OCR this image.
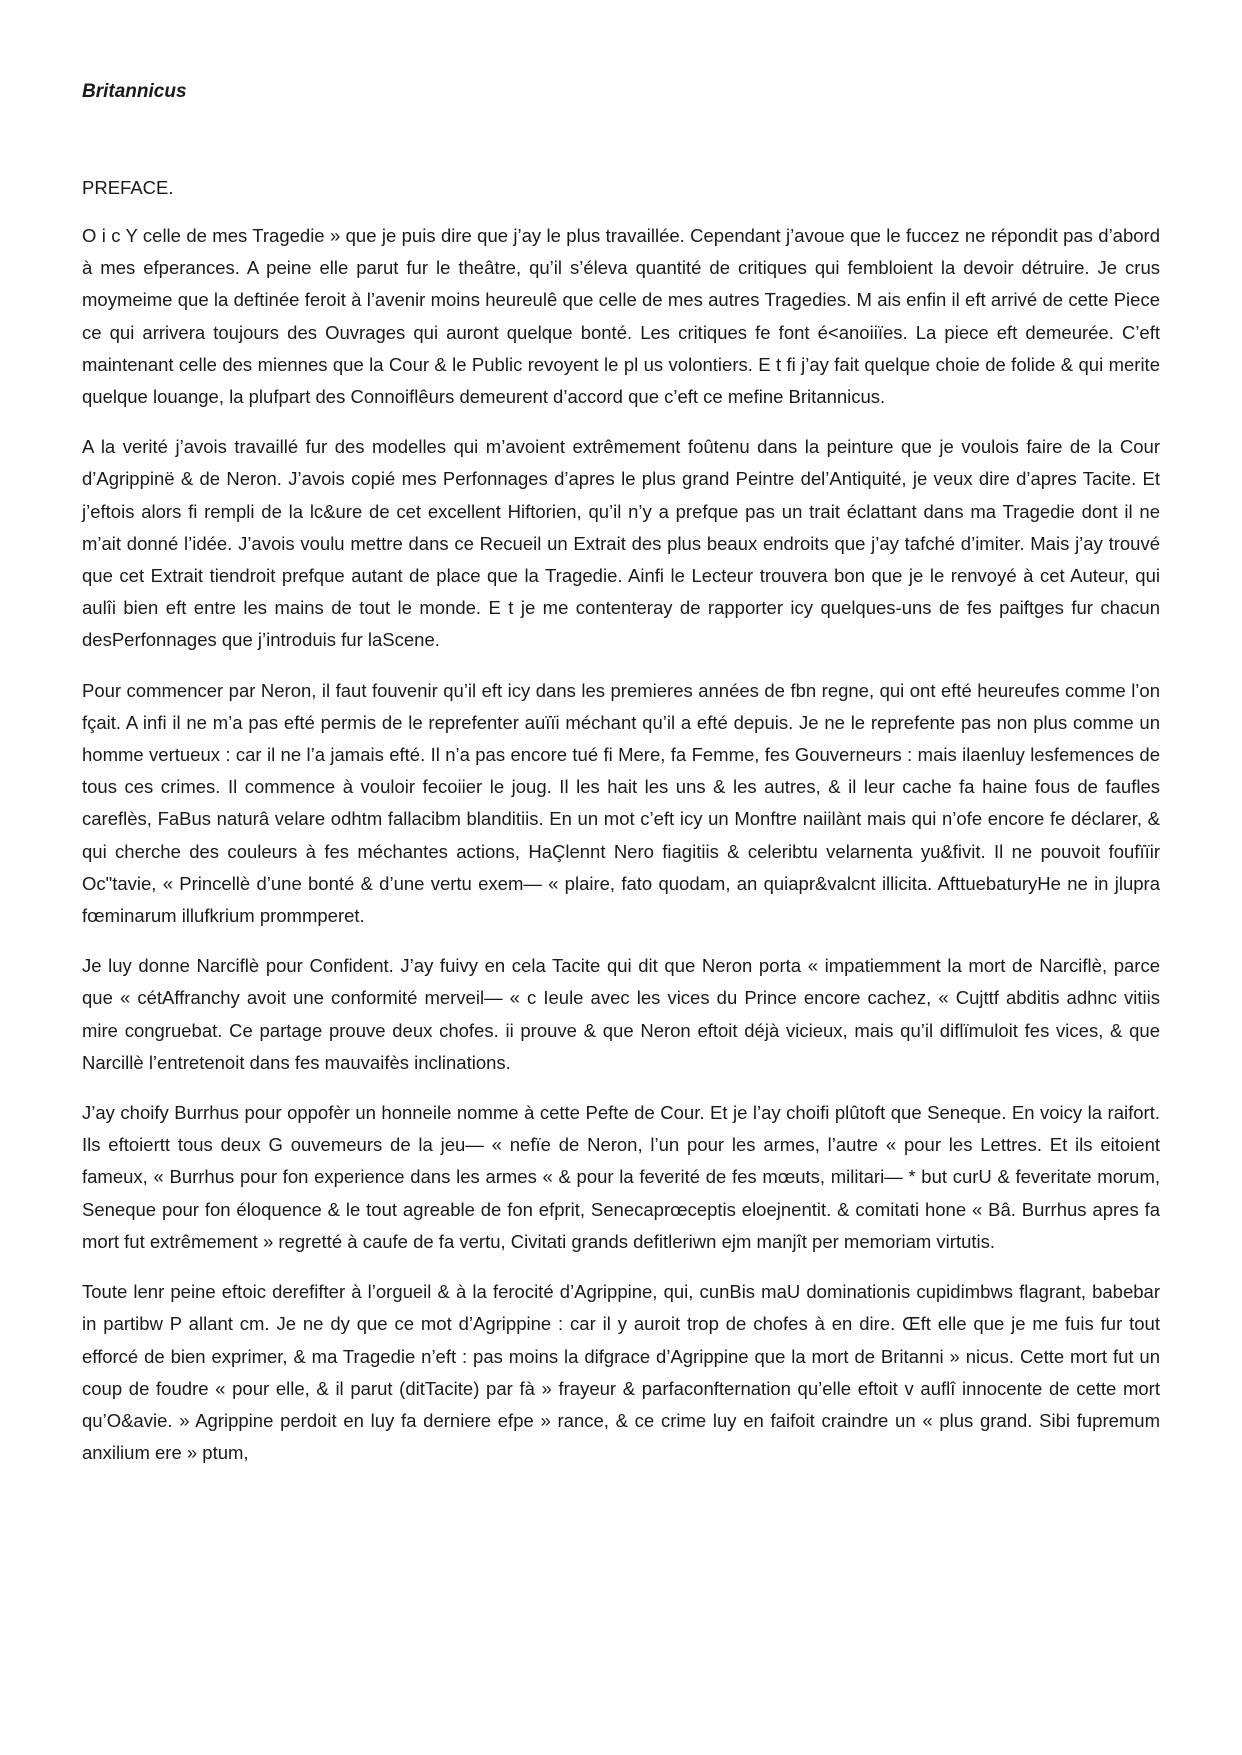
Britannicus
PREFACE.

O i c Y celle de mes Tragedie » que je puis dire que j’ay le plus travaillée. Cependant j’avoue que le fuccez ne répondit pas d’abord à mes efperances. A peine elle parut fur le theâtre, qu’il s’éleva quantité de critiques qui fembloient la devoir détruire. Je crus moymeime que la deftinée feroit à l’avenir moins heureulê que celle de mes autres Tragedies. M ais enfin il eft arrivé de cette Piece ce qui arrivera toujours des Ouvrages qui auront quelque bonté. Les critiques fe font é<anoiiïes. La piece eft demeurée. C’eft maintenant celle des miennes que la Cour & le Public revoyent le pl us volontiers. E t fi j’ay fait quelque choie de folide & qui merite quelque louange, la plufpart des Connoiflêurs demeurent d’accord que c’eft ce mefine Britannicus.

A la verité j’avois travaillé fur des modelles qui m’avoient extrêmement foûtenu dans la peinture que je voulois faire de la Cour d’Agrippinë & de Neron. J’avois copié mes Perfonnages d’apres le plus grand Peintre del’Antiquité, je veux dire d’apres Tacite. Et j’eftois alors fi rempli de la lc&ure de cet excellent Hiftorien, qu’il n’y a prefque pas un trait éclattant dans ma Tragedie dont il ne m’ait donné l’idée. J’avois voulu mettre dans ce Recueil un Extrait des plus beaux endroits que j’ay tafché d’imiter. Mais j’ay trouvé que cet Extrait tiendroit prefque autant de place que la Tragedie. Ainfi le Lecteur trouvera bon que je le renvoyé à cet Auteur, qui aulîi bien eft entre les mains de tout le monde. E t je me contenteray de rapporter icy quelques-uns de fes paiftges fur chacun desPerfonnages que j’introduis fur laScene.

Pour commencer par Neron, il faut fouvenir qu’il eft icy dans les premieres années de fbn regne, qui ont efté heureufes comme l’on fçait. A infi il ne m’a pas efté permis de le reprefenter auïïi méchant qu’il a efté depuis. Je ne le reprefente pas non plus comme un homme vertueux : car il ne l’a jamais efté. Il n’a pas encore tué fi Mere, fa Femme, fes Gouverneurs : mais ilaenluy lesfemences de tous ces crimes. Il commence à vouloir fecoiier le joug. Il les hait les uns & les autres, & il leur cache fa haine fous de faufles careflès, FaBus naturâ velare odhtm fallacibm blanditiis. En un mot c’eft icy un Monftre naiilànt mais qui n’ofe encore fe déclarer, & qui cherche des couleurs à fes méchantes actions, HaÇlennt Nero fiagitiis & celeribtu velarnenta yu&fivit. Il ne pouvoit foufïïir Oc"tavie, « Princellè d’une bonté & d’une vertu exem— « plaire, fato quodam, an quiapr&valcnt illicita. AfttuebaturyHe ne in jlupra fœminarum illufkrium prommperet.

Je luy donne Narciflè pour Confident. J’ay fuivy en cela Tacite qui dit que Neron porta « impatiemment la mort de Narciflè, parce que « cétAffranchy avoit une conformité merveil— « c Ieule avec les vices du Prince encore cachez, « Cujttf abditis adhnc vitiis mire congruebat. Ce partage prouve deux chofes. ii prouve & que Neron eftoit déjà vicieux, mais qu’il diflïmuloit fes vices, & que Narcillè l’entretenoit dans fes mauvaifès inclinations.

J’ay choify Burrhus pour oppofèr un honneile nomme à cette Pefte de Cour. Et je l’ay choifi plûtoft que Seneque. En voicy la raifort. Ils eftoiertt tous deux G ouvemeurs de la jeu— « nefïe de Neron, l’un pour les armes, l’autre « pour les Lettres. Et ils eitoient fameux, « Burrhus pour fon experience dans les armes « & pour la feverité de fes mœuts, militari— * but curU & feveritate morum, Seneque pour fon éloquence & le tout agreable de fon efprit, Senecaprœceptis eloejnentit. & comitati hone « Bâ. Burrhus apres fa mort fut extrêmement » regretté à caufe de fa vertu, Civitati grands defitleriwn ejm manjît per memoriam virtutis.

Toute lenr peine eftoic derefifter à l’orgueil & à la ferocité d’Agrippine, qui, cunBis maU dominationis cupidimbws flagrant, babebar in partibw P allant cm. Je ne dy que ce mot d’Agrippine : car il y auroit trop de chofes à en dire. Œft elle que je me fuis fur tout efforcé de bien exprimer, & ma Tragedie n’eft : pas moins la difgrace d’Agrippine que la mort de Britanni » nicus. Cette mort fut un coup de foudre « pour elle, & il parut (ditTacite) par fà » frayeur & parfaconfternation qu’elle eftoit v auflî innocente de cette mort qu’O&avie. » Agrippine perdoit en luy fa derniere efpe » rance, & ce crime luy en faifoit craindre un « plus grand. Sibi fupremum anxilium ere » ptum,
